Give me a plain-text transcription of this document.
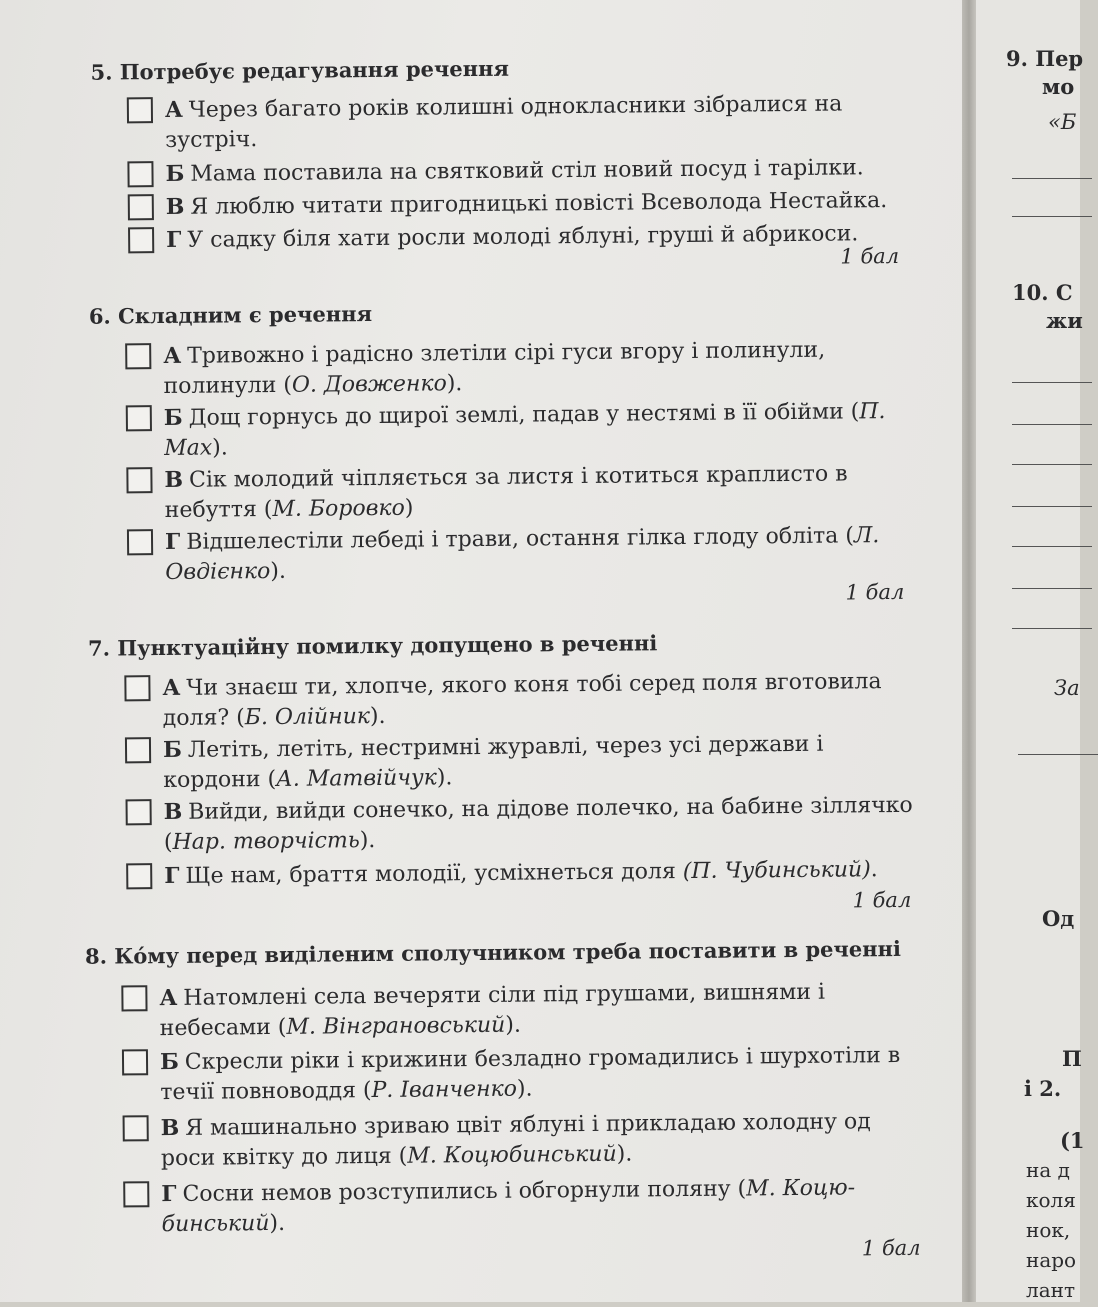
5. Потребує редагування речення
А Через багато років колишні однокласники зібралися на зустріч.
Б Мама поставила на святковий стіл новий посуд і тарілки.
В Я люблю читати пригодницькі повісті Всеволода Нестайка.
Г У садку біля хати росли молоді яблуні, груші й абрикоси.
1 бал
6. Складним є речення
А Тривожно і радісно злетіли сірі гуси вгору і полинули, полинули (О. Довженко).
Б Дощ горнусь до щирої землі, падав у нестямі в її обійми (П. Мах).
В Сік молодий чіпляється за листя і котиться краплисто в небуття (М. Боровко)
Г Відшелестіли лебеді і трави, остання гілка глоду обліта (Л. Овдієнко).
1 бал
7. Пунктуаційну помилку допущено в реченні
А Чи знаєш ти, хлопче, якого коня тобі серед поля вготовила доля? (Б. Олійник).
Б Летіть, летіть, нестримні журавлі, через усі держави і кордони (А. Матвійчук).
В Вийди, вийди сонечко, на дідове полечко, на бабине зіллячко (Нар. творчість).
Г Ще нам, браття молодії, усміхнеться доля (П. Чубинський).
1 бал
8. Ко́му перед виділеним сполучником треба поставити в реченні
А Натомлені села вечеряти сіли під грушами, вишнями і небесами (М. Вінграновський).
Б Скресли ріки і крижини безладно громадились і шурхотіли в течії повноводдя (Р. Іванченко).
В Я машинально зриваю цвіт яблуні і прикладаю холодну од роси квітку до лиця (М. Коцюбинський).
Г Сосни немов розступились і обгорнули поляну (М. Коцюбинський).
1 бал
9. Пер
мо
«Б
10. С
жи
За
Од
П
і 2.
(1
на д
коля
нок,
наро
лант
